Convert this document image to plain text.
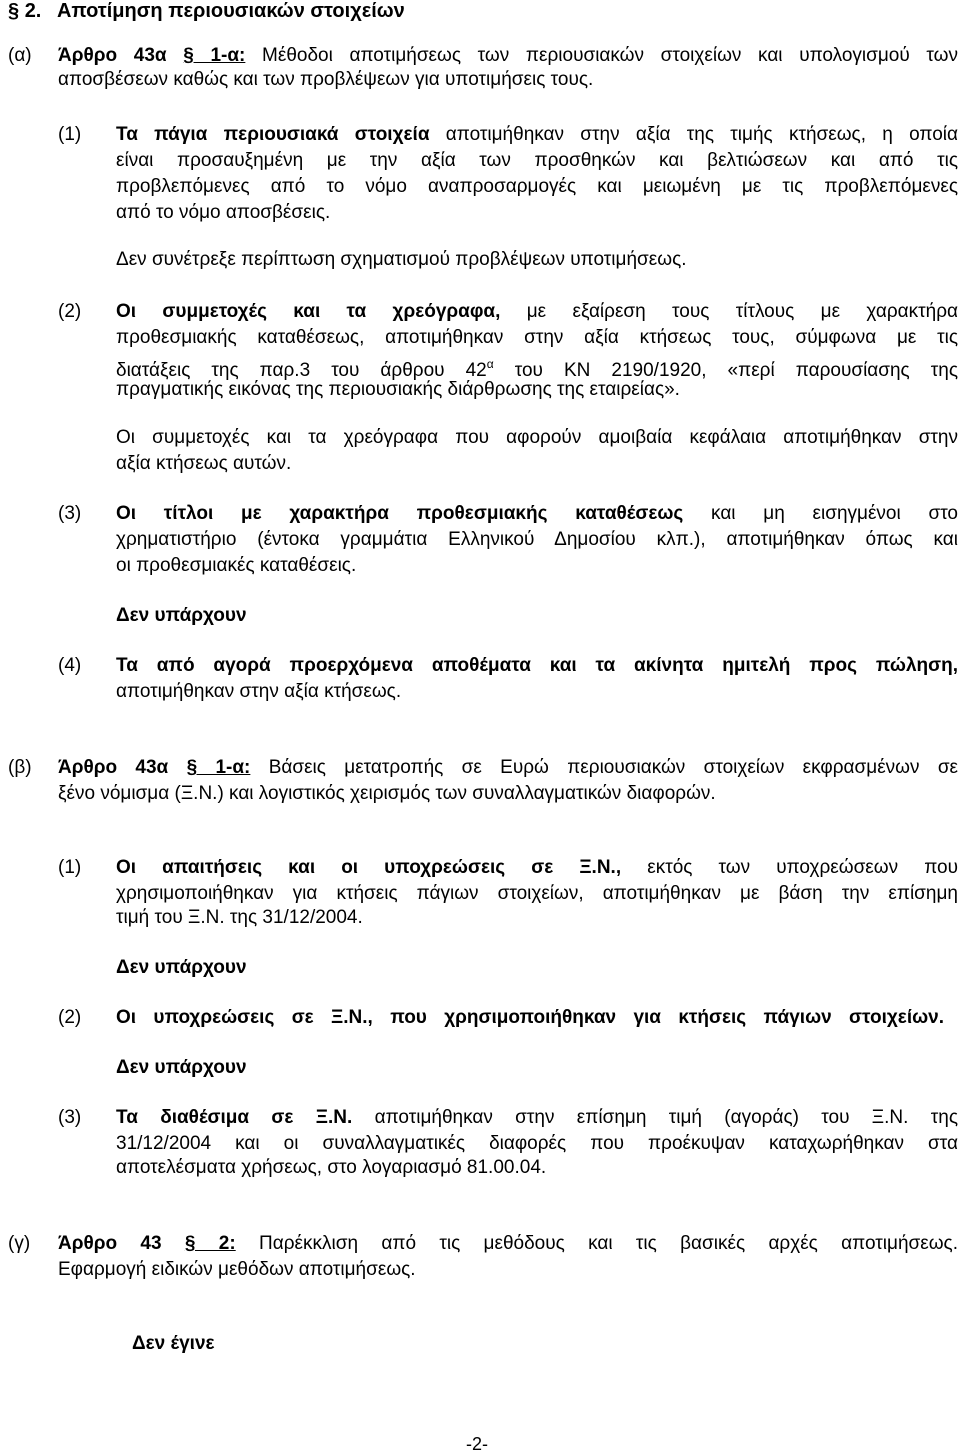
§ 2. Αποτίμηση περιουσιακών στοιχείων
(α) Άρθρο 43α § 1-α: Μέθοδοι αποτιμήσεως των περιουσιακών στοιχείων και υπολογισμού των
αποσβέσεων καθώς και των προβλέψεων για υποτιμήσεις τους.
(1) Τα πάγια περιουσιακά στοιχεία αποτιμήθηκαν στην αξία της τιμής κτήσεως, η οποία
είναι προσαυξημένη με την αξία των προσθηκών και βελτιώσεων και από τις
προβλεπόμενες από το νόμο αναπροσαρμογές και μειωμένη με τις προβλεπόμενες
από το νόμο αποσβέσεις.
Δεν συνέτρεξε περίπτωση σχηματισμού προβλέψεων υποτιμήσεως.
(2) Οι συμμετοχές και τα χρεόγραφα, με εξαίρεση τους τίτλους με χαρακτήρα
προθεσμιακής καταθέσεως, αποτιμήθηκαν στην αξία κτήσεως τους, σύμφωνα με τις
διατάξεις της παρ.3 του άρθρου $42^\alpha$ του ΚΝ 2190/1920, «περί παρουσίασης της
πραγματικής εικόνας της περιουσιακής διάρθρωσης της εταιρείας».
Οι συμμετοχές και τα χρεόγραφα που αφορούν αμοιβαία κεφάλαια αποτιμήθηκαν στην
αξία κτήσεως αυτών.
(3) Οι τίτλοι με χαρακτήρα προθεσμιακής καταθέσεως και μη εισηγμένοι στο
χρηματιστήριο (έντοκα γραμμάτια Ελληνικού Δημοσίου κλπ.), αποτιμήθηκαν όπως και
οι προθεσμιακές καταθέσεις.
Δεν υπάρχουν
(4) Τα από αγορά προερχόμενα αποθέματα και τα ακίνητα ημιτελή προς πώληση,
αποτιμήθηκαν στην αξία κτήσεως.
(β) Άρθρο 43α § 1-α: Βάσεις μετατροπής σε Ευρώ περιουσιακών στοιχείων εκφρασμένων σε
ξένο νόμισμα (Ξ.Ν.) και λογιστικός χειρισμός των συναλλαγματικών διαφορών.
(1) Οι απαιτήσεις και οι υποχρεώσεις σε Ξ.Ν., εκτός των υποχρεώσεων που
χρησιμοποιήθηκαν για κτήσεις πάγιων στοιχείων, αποτιμήθηκαν με βάση την επίσημη
τιμή του Ξ.Ν. της 31/12/2004.
Δεν υπάρχουν
(2) Οι υποχρεώσεις σε Ξ.Ν., που χρησιμοποιήθηκαν για κτήσεις πάγιων στοιχείων.
Δεν υπάρχουν
(3) Τα διαθέσιμα σε Ξ.Ν. αποτιμήθηκαν στην επίσημη τιμή (αγοράς) του Ξ.Ν. της
31/12/2004 και οι συναλλαγματικές διαφορές που προέκυψαν καταχωρήθηκαν στα
αποτελέσματα χρήσεως, στο λογαριασμό 81.00.04.
(γ) Άρθρο 43 § 2: Παρέκκλιση από τις μεθόδους και τις βασικές αρχές αποτιμήσεως.
Εφαρμογή ειδικών μεθόδων αποτιμήσεως.
Δεν έγινε
-2-
